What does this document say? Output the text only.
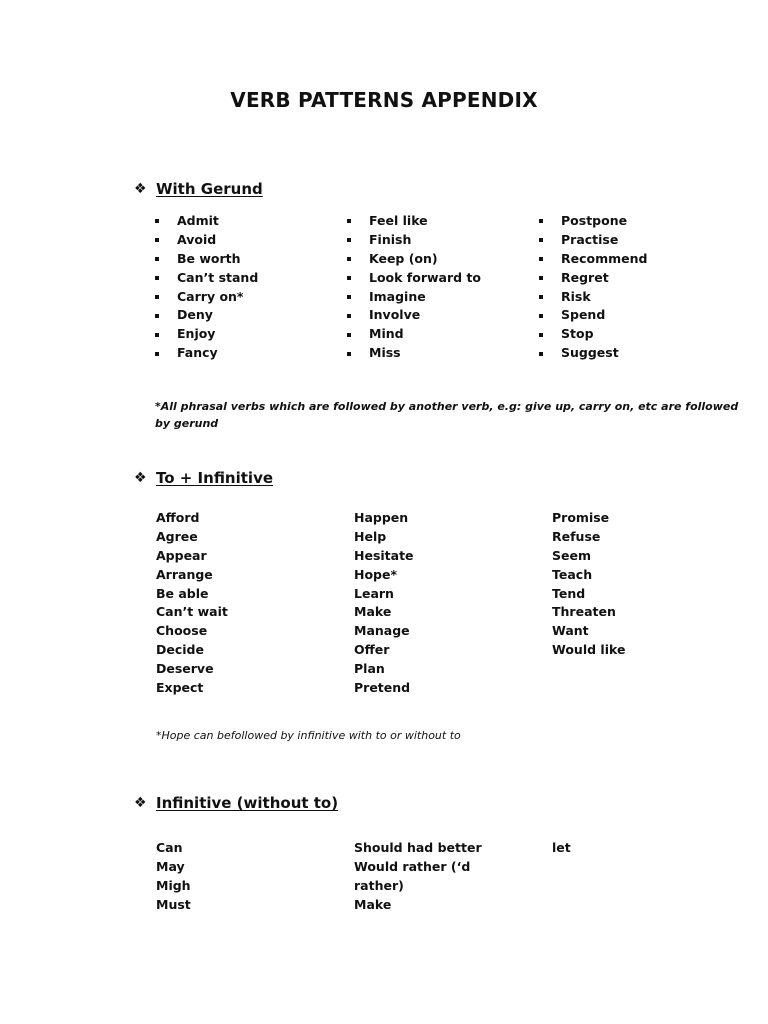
VERB PATTERNS APPENDIX
❖ With Gerund
Admit
Avoid
Be worth
Can’t stand
Carry on*
Deny
Enjoy
Fancy
Feel like
Finish
Keep (on)
Look forward to
Imagine
Involve
Mind
Miss
Postpone
Practise
Recommend
Regret
Risk
Spend
Stop
Suggest
*All phrasal verbs which are followed by another verb, e.g: give up, carry on, etc are followed
by gerund
❖ To + Infinitive
Afford
Agree
Appear
Arrange
Be able
Can’t wait
Choose
Decide
Deserve
Expect
Happen
Help
Hesitate
Hope*
Learn
Make
Manage
Offer
Plan
Pretend
Promise
Refuse
Seem
Teach
Tend
Threaten
Want
Would like
*Hope can befollowed by infinitive with to or without to
❖ Infinitive (without to)
Can
May
Migh
Must
Should had better
Would rather (‘d
rather)
Make
let
